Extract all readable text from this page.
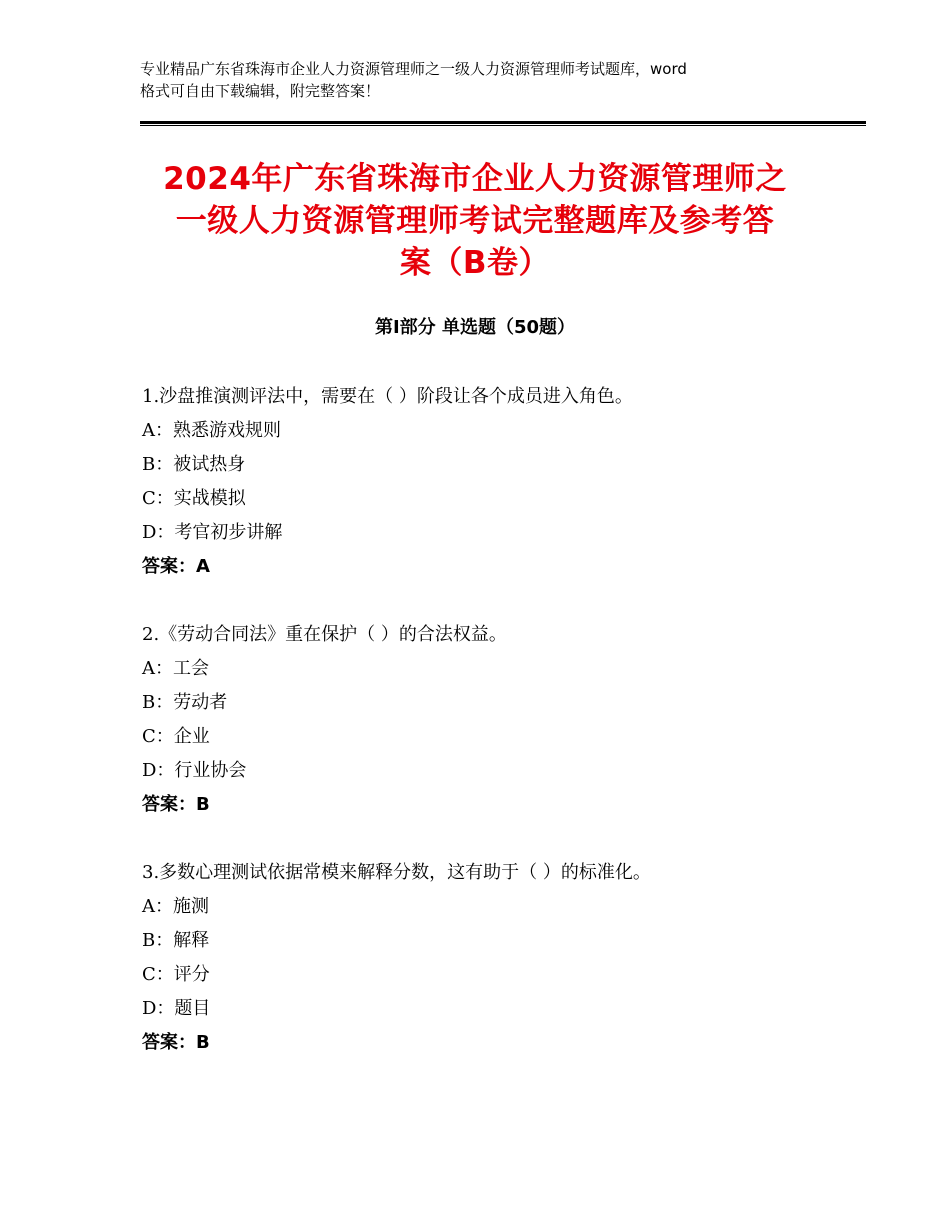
专业精品广东省珠海市企业人力资源管理师之一级人力资源管理师考试题库，word
格式可自由下载编辑，附完整答案！
2024年广东省珠海市企业人力资源管理师之
一级人力资源管理师考试完整题库及参考答
案（B卷）
第Ⅰ部分 单选题（50题）
1.沙盘推演测评法中，需要在（ ）阶段让各个成员进入角色。
A：熟悉游戏规则
B：被试热身
C：实战模拟
D：考官初步讲解
答案：A
2.《劳动合同法》重在保护（ ）的合法权益。
A：工会
B：劳动者
C：企业
D：行业协会
答案：B
3.多数心理测试依据常模来解释分数，这有助于（ ）的标准化。
A：施测
B：解释
C：评分
D：题目
答案：B
